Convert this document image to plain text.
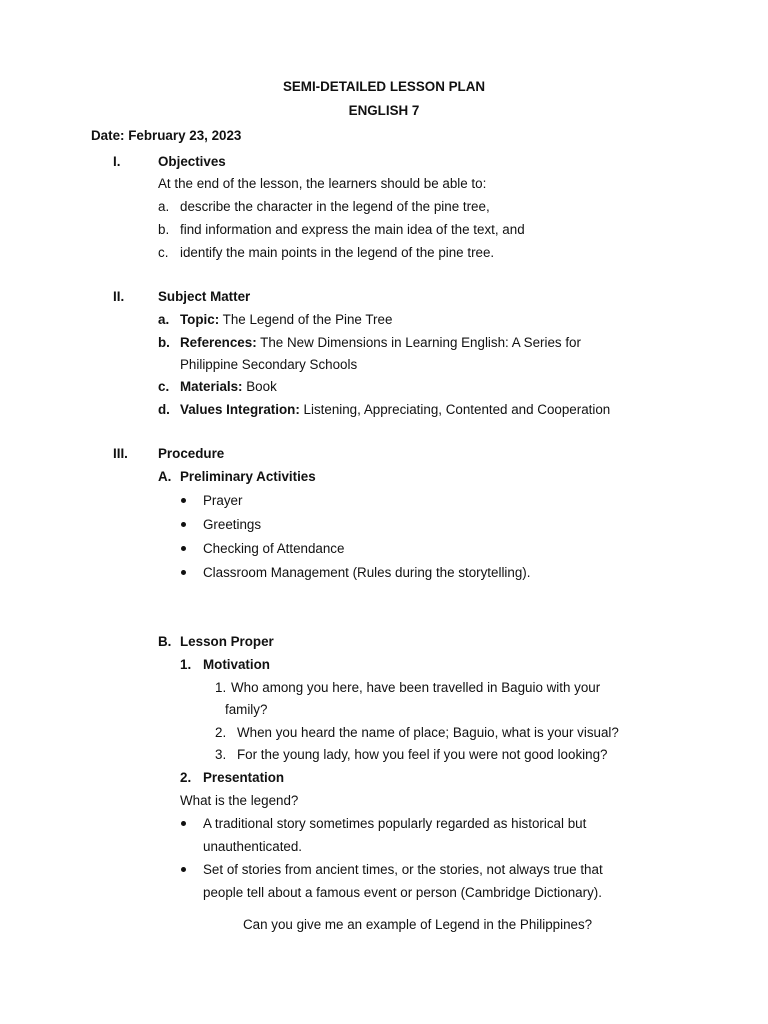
SEMI-DETAILED LESSON PLAN
ENGLISH 7
Date: February 23, 2023
I.	Objectives
At the end of the lesson, the learners should be able to:
a. describe the character in the legend of the pine tree,
b. find information and express the main idea of the text, and
c. identify the main points in the legend of the pine tree.
II.	Subject Matter
a. Topic: The Legend of the Pine Tree
b. References: The New Dimensions in Learning English: A Series for
Philippine Secondary Schools
c. Materials: Book
d. Values Integration: Listening, Appreciating, Contented and Cooperation
III. Procedure
A. Preliminary Activities
Prayer
Greetings
Checking of Attendance
Classroom Management (Rules during the storytelling).
B. Lesson Proper
1. Motivation
1. Who among you here, have been travelled in Baguio with your
family?
2. When you heard the name of place; Baguio, what is your visual?
3. For the young lady, how you feel if you were not good looking?
2. Presentation
What is the legend?
A traditional story sometimes popularly regarded as historical but
unauthenticated.
Set of stories from ancient times, or the stories, not always true that
people tell about a famous event or person (Cambridge Dictionary).
Can you give me an example of Legend in the Philippines?
